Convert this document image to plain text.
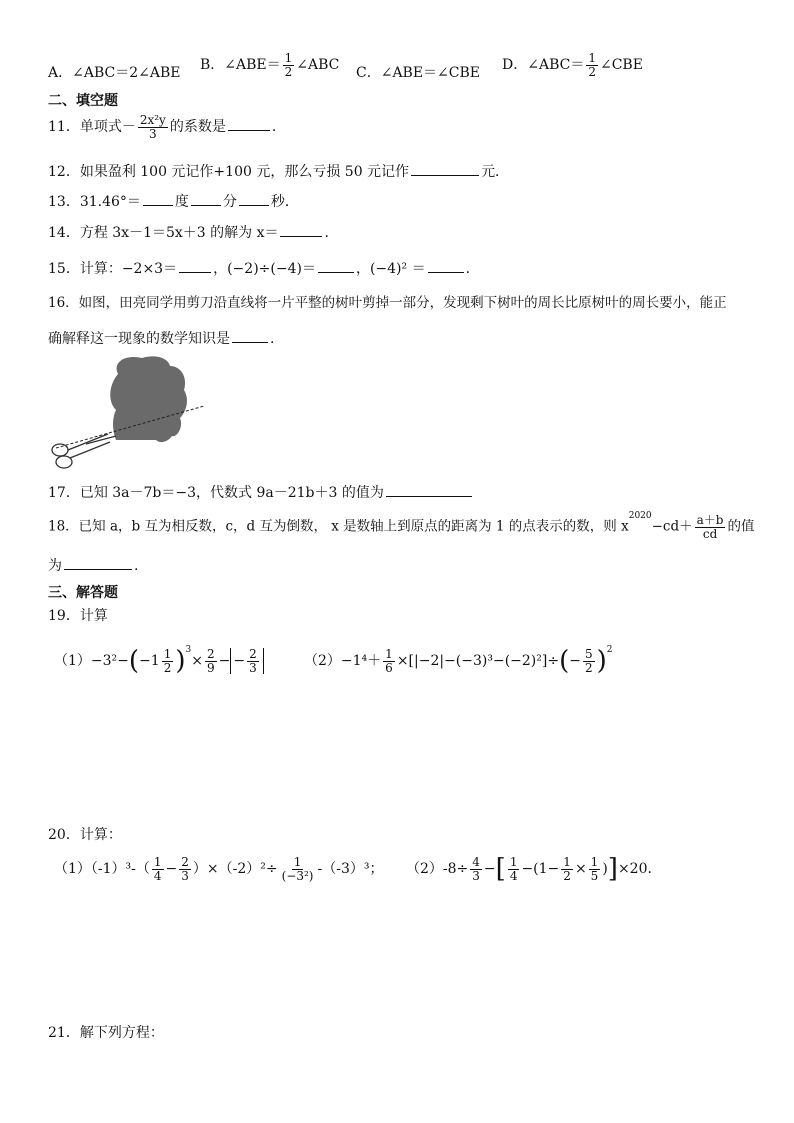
A．∠ABC＝2∠ABE B．∠ABE＝ $\frac{1}{2}$ ∠ABC C．∠ABE＝∠CBE D．∠ABC＝ $\frac{1}{2}$ ∠CBE
二、填空题
11．单项式－ $\frac{\text{2x²y}}{3}$ 的系数是	.
12．如果盈利 100 元记作+100 元，那么亏损 50 元记作	元．
13．31.46°＝ 度 分 秒．
14．方程 3x－1＝5x＋3 的解为 x＝	.
15．计算：−2×3＝	，(−2)÷(−4)＝	，(−4)² ＝	.
16．如图，田亮同学用剪刀沿直线将一片平整的树叶剪掉一部分，发现剩下树叶的周长比原树叶的周长要小，能正
确解释这一现象的数学知识是	.
17．已知 3a－7b＝−3，代数式 9a－21b＋3 的值为
18．已知 a，b 互为相反数，c，d 互为倒数， x 是数轴上到原点的距离为 1 的点表示的数，则 $x^{2020}-cd+ \frac{a+b}{cd}$ 的值
为	.
三、解答题
19．计算
$(1)-3^2-(-1 \frac{1}{2} )^3\times \frac{2}{9}$ − − $\frac{2}{3}$	$(2)-1^4+ \frac{1}{6} \times[|-2|-(-3)^3-(-2)^2]\div(- \frac{5}{2} )^2$
20．计算：
$(1)(-1)^3-( \frac{1}{4} - \frac{2}{3} )\times(-2)^2\div \frac{1}{\text{(−3²)}} -(-3)^3$； $(2)-8\div \frac{4}{3}$ −[ $\frac{1}{4} -(1- \frac{1}{2} \times \frac{1}{5} )]\times 20$．
21．解下列方程：
